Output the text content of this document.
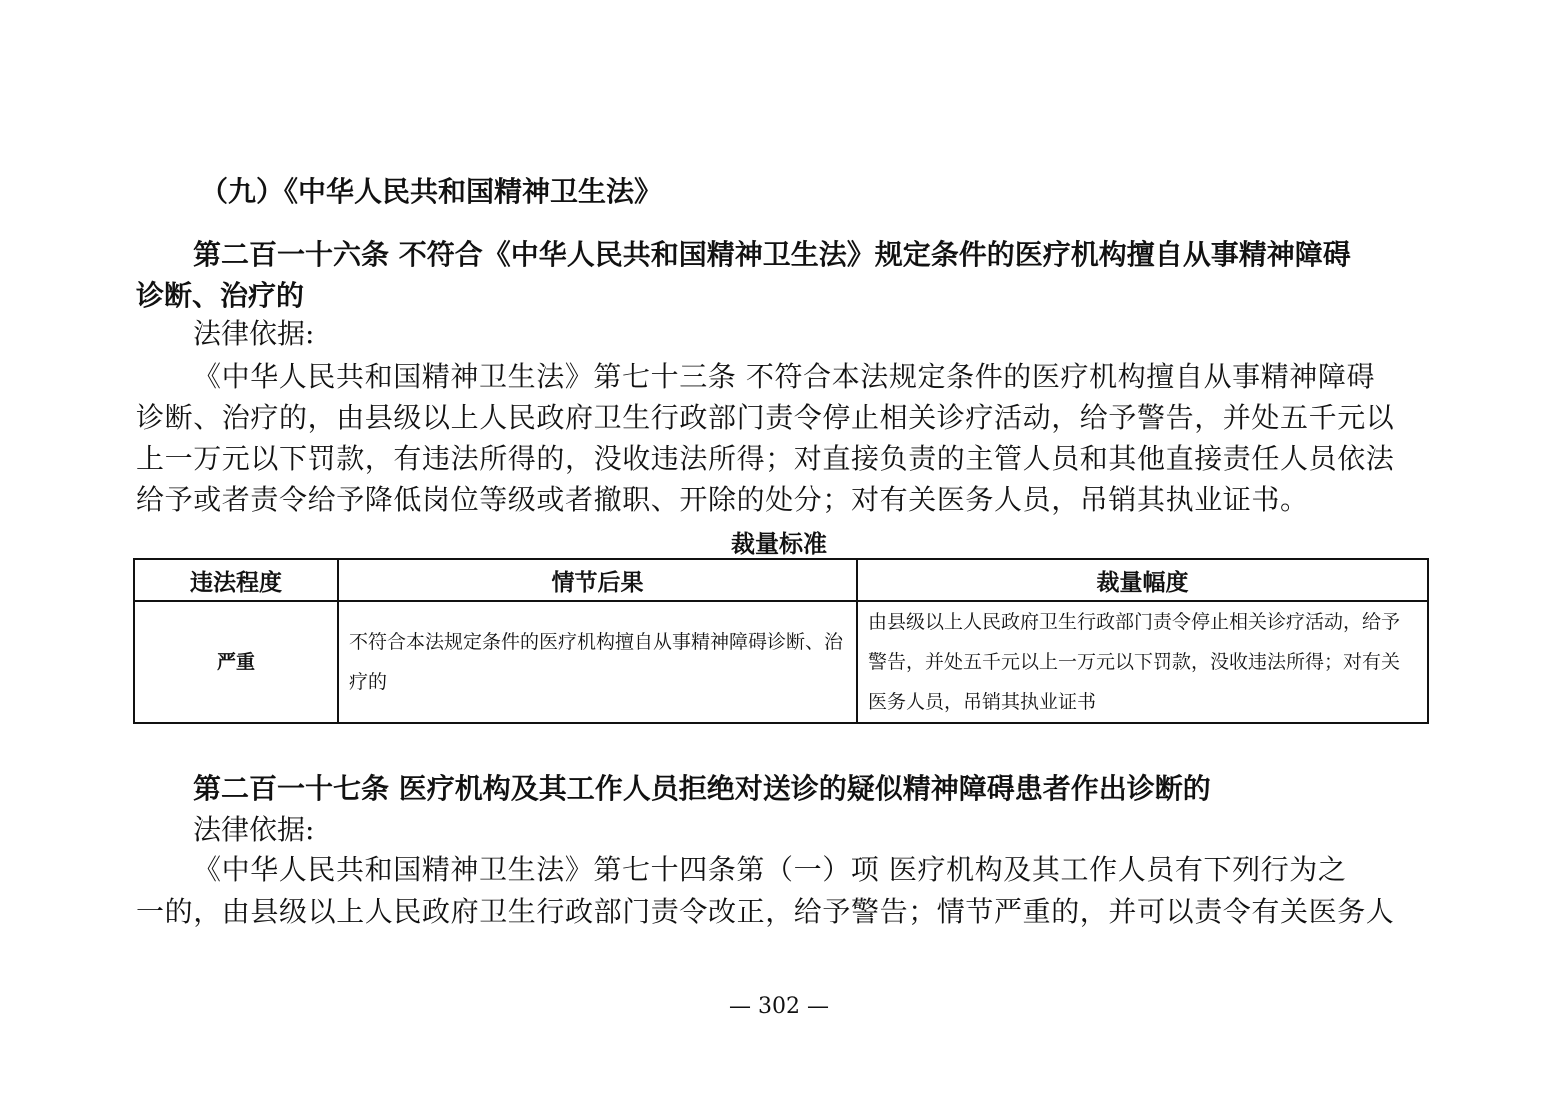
（九）《中华人民共和国精神卫生法》
第二百一十六条 不符合《中华人民共和国精神卫生法》规定条件的医疗机构擅自从事精神障碍
诊断、治疗的
法律依据:
《中华人民共和国精神卫生法》第七十三条 不符合本法规定条件的医疗机构擅自从事精神障碍
诊断、治疗的，由县级以上人民政府卫生行政部门责令停止相关诊疗活动，给予警告，并处五千元以
上一万元以下罚款，有违法所得的，没收违法所得；对直接负责的主管人员和其他直接责任人员依法
给予或者责令给予降低岗位等级或者撤职、开除的处分；对有关医务人员，吊销其执业证书。
裁量标准
违法程度	情节后果	裁量幅度
严重	不符合本法规定条件的医疗机构擅自从事精神障碍诊断、治疗的	由县级以上人民政府卫生行政部门责令停止相关诊疗活动，给予警告，并处五千元以上一万元以下罚款，没收违法所得；对有关医务人员，吊销其执业证书
第二百一十七条 医疗机构及其工作人员拒绝对送诊的疑似精神障碍患者作出诊断的
法律依据:
《中华人民共和国精神卫生法》第七十四条第（一）项 医疗机构及其工作人员有下列行为之
一的，由县级以上人民政府卫生行政部门责令改正，给予警告；情节严重的，并可以责令有关医务人
— 302 —
